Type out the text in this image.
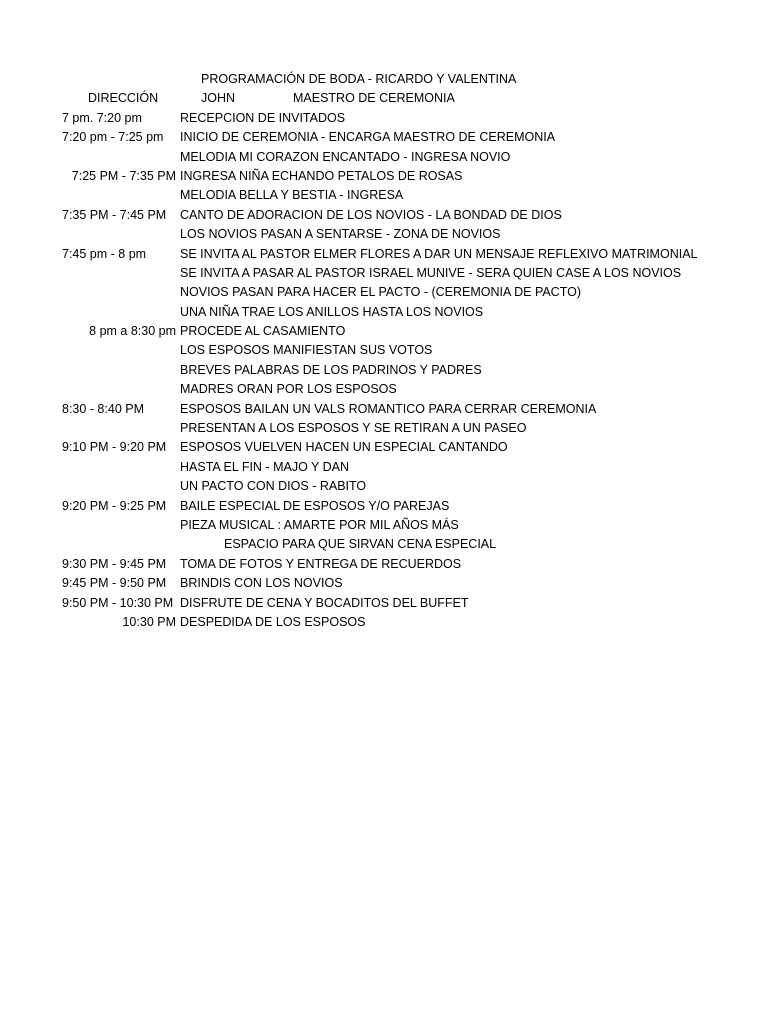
PROGRAMACIÓN DE BODA - RICARDO Y VALENTINA
DIRECCIÓN	JOHN	MAESTRO DE CEREMONIA
7 pm. 7:20 pm	RECEPCION DE INVITADOS
7:20 pm - 7:25 pm	INICIO DE CEREMONIA - ENCARGA MAESTRO DE CEREMONIA
MELODIA MI CORAZON ENCANTADO - INGRESA NOVIO
7:25 PM - 7:35 PM INGRESA NIÑA ECHANDO PETALOS DE ROSAS
MELODIA BELLA Y BESTIA - INGRESA
7:35 PM - 7:45 PM	CANTO DE ADORACION DE LOS NOVIOS - LA BONDAD DE DIOS
LOS NOVIOS PASAN A SENTARSE - ZONA DE NOVIOS
7:45 pm - 8 pm	SE INVITA AL PASTOR ELMER FLORES A DAR UN MENSAJE REFLEXIVO MATRIMONIAL
SE INVITA A PASAR AL PASTOR ISRAEL MUNIVE - SERA QUIEN CASE A LOS NOVIOS
NOVIOS PASAN PARA HACER EL PACTO - (CEREMONIA DE PACTO)
UNA NIÑA TRAE LOS ANILLOS HASTA LOS NOVIOS
8 pm a 8:30 pm PROCEDE AL CASAMIENTO
LOS ESPOSOS MANIFIESTAN SUS VOTOS
BREVES PALABRAS DE LOS PADRINOS Y PADRES
MADRES ORAN POR LOS ESPOSOS
8:30 - 8:40 PM	ESPOSOS BAILAN UN VALS ROMANTICO PARA CERRAR CEREMONIA
PRESENTAN A LOS ESPOSOS Y SE RETIRAN A UN PASEO
9:10 PM - 9:20 PM	ESPOSOS VUELVEN HACEN UN ESPECIAL CANTANDO
HASTA EL FIN - MAJO Y DAN
UN PACTO CON DIOS - RABITO
9:20 PM - 9:25 PM	BAILE ESPECIAL DE ESPOSOS Y/O PAREJAS
PIEZA MUSICAL : AMARTE POR MIL AÑOS MÁS
ESPACIO PARA QUE SIRVAN CENA ESPECIAL
9:30 PM - 9:45 PM	TOMA DE FOTOS Y ENTREGA DE RECUERDOS
9:45 PM - 9:50 PM	BRINDIS CON LOS NOVIOS
9:50 PM - 10:30 PM DISFRUTE DE CENA Y BOCADITOS DEL BUFFET
10:30 PM DESPEDIDA DE LOS ESPOSOS
